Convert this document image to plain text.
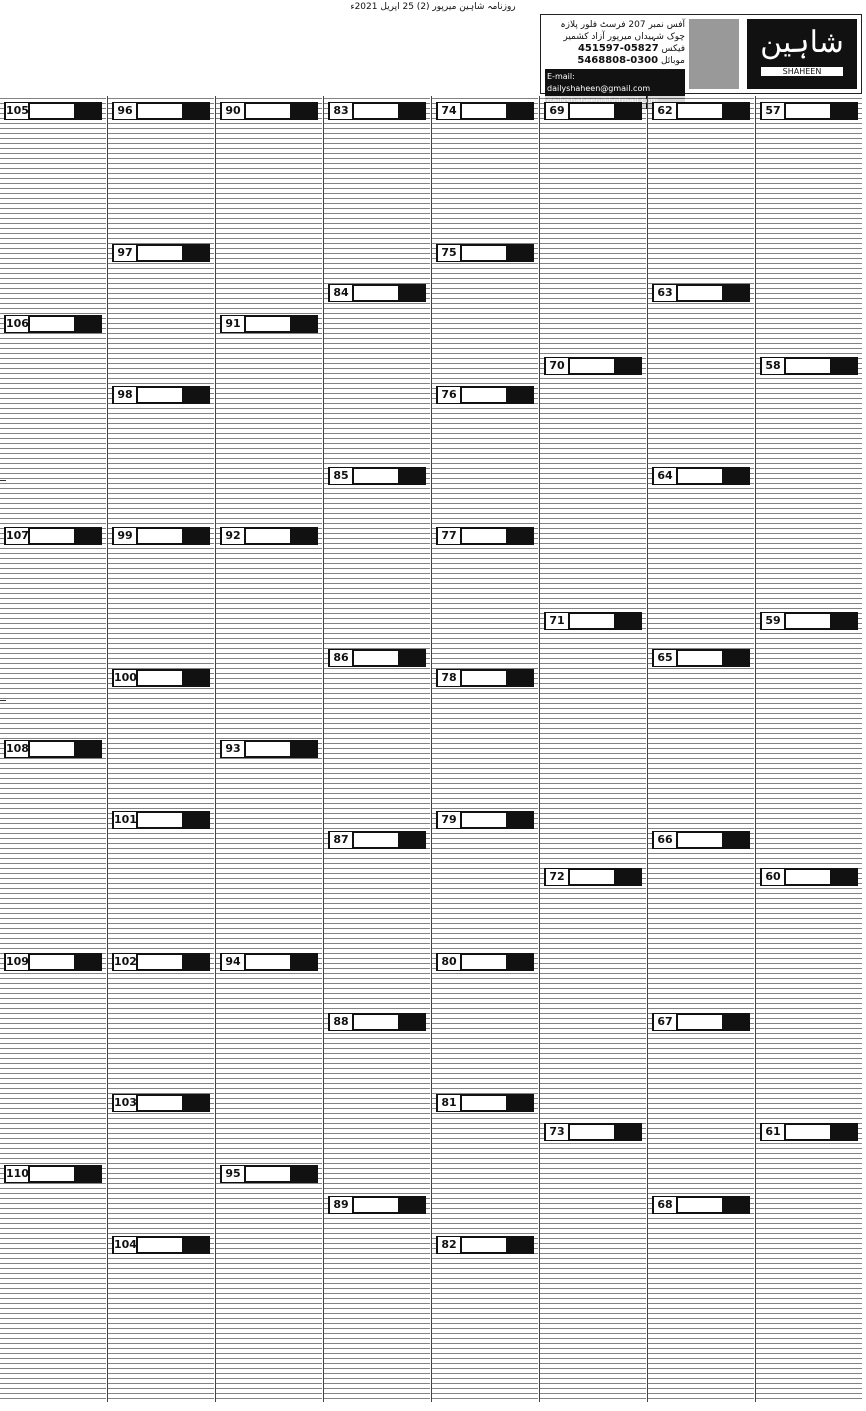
روزنامہ شاہین میرپور (2) 25 اپریل 2021ء
شاہین
SHAHEEN
آفس نمبر 207 فرسٹ فلور پلازہ چوک شہیداں میرپور آزاد کشمیر
فیکس 05827-451597
موبائل 0300-5468808
E-mail:
dailyshaheen@gmail.com
57
58
59
60
61
62
63
64
65
66
67
68
69
70
71
72
73
74
75
76
77
78
79
80
81
82
83
84
85
86
87
88
89
90
91
92
93
94
95
96
97
98
99
100
101
102
103
104
105
106
107
108
109
110
